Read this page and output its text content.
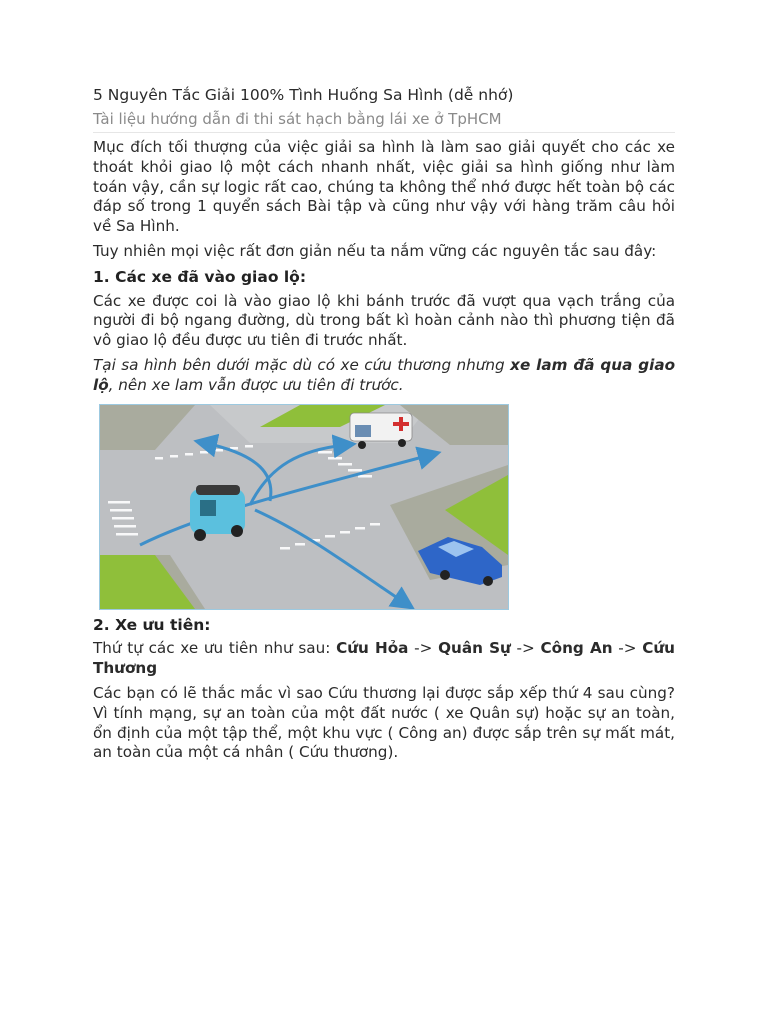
5 Nguyên Tắc Giải 100% Tình Huống Sa Hình (dễ nhớ)
Tài liệu hướng dẫn đi thi sát hạch bằng lái xe ở TpHCM

Mục đích tối thượng của việc giải sa hình là làm sao giải quyết cho các xe thoát khỏi giao lộ một cách nhanh nhất, việc giải sa hình giống như làm toán vậy, cần sự logic rất cao, chúng ta không thể nhớ được hết toàn bộ các đáp số trong 1 quyển sách Bài tập và cũng như vậy với hàng trăm câu hỏi về Sa Hình.

Tuy nhiên mọi việc rất đơn giản nếu ta nắm vững các nguyên tắc sau đây:

1. Các xe đã vào giao lộ:

Các xe được coi là vào giao lộ khi bánh trước đã vượt qua vạch trắng của người đi bộ ngang đường, dù trong bất kì hoàn cảnh nào thì phương tiện đã vô giao lộ đều được ưu tiên đi trước nhất.

Tại sa hình bên dưới mặc dù có xe cứu thương nhưng xe lam đã qua giao lộ, nên xe lam vẫn được ưu tiên đi trước.

2. Xe ưu tiên:

Thứ tự các xe ưu tiên như sau: Cứu Hỏa -> Quân Sự -> Công An -> Cứu Thương

Các bạn có lẽ thắc mắc vì sao Cứu thương lại được sắp xếp thứ 4 sau cùng? Vì tính mạng, sự an toàn của một đất nước ( xe Quân sự) hoặc sự an toàn, ổn định của một tập thể, một khu vực ( Công an) được sắp trên sự mất mát, an toàn của một cá nhân ( Cứu thương).
